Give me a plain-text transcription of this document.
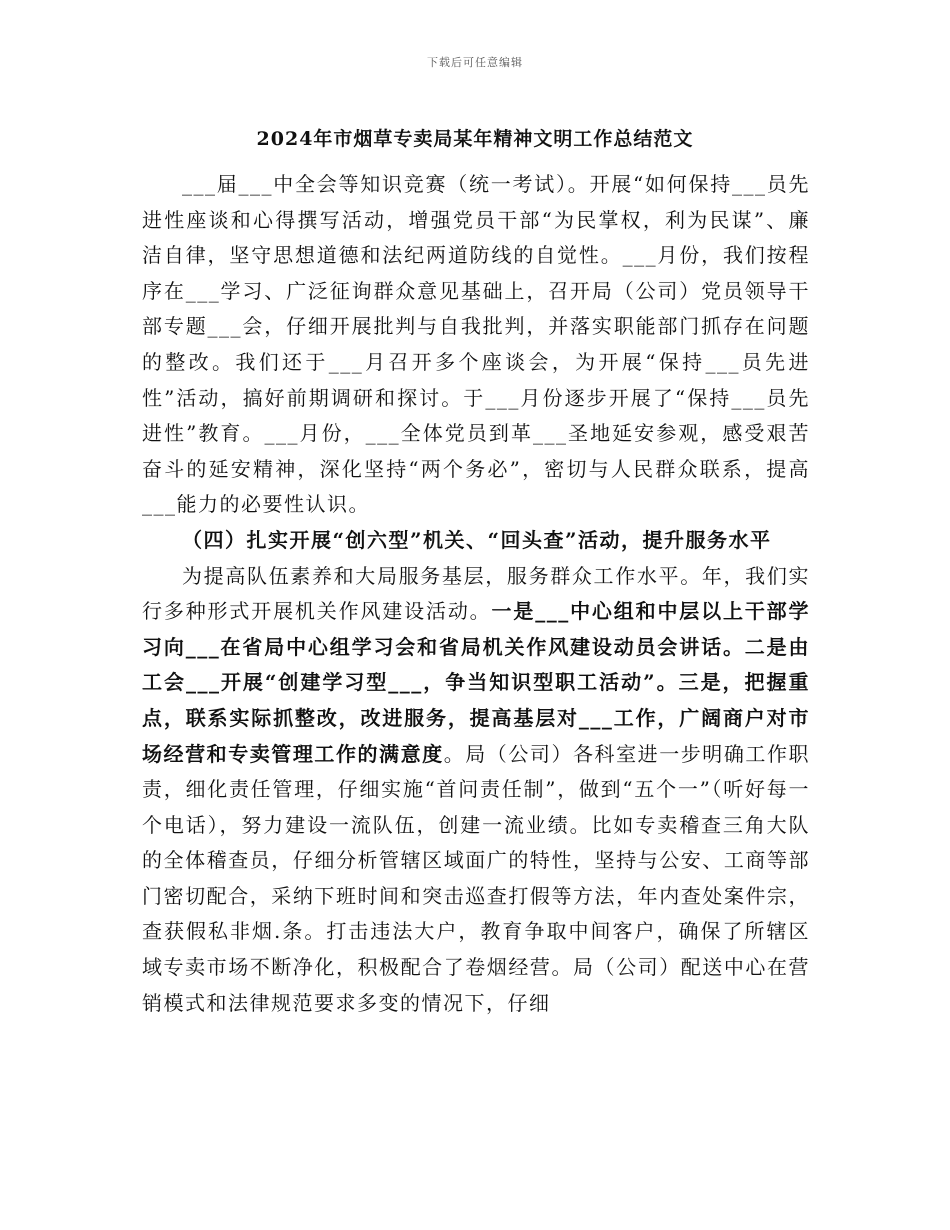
下载后可任意编辑
2024年市烟草专卖局某年精神文明工作总结范文

___届___中全会等知识竞赛（统一考试）。开展“如何保持___员先进性座谈和心得撰写活动，增强党员干部“为民掌权，利为民谋”、廉洁自律，坚守思想道德和法纪两道防线的自觉性。___月份，我们按程序在___学习、广泛征询群众意见基础上，召开局（公司）党员领导干部专题___会，仔细开展批判与自我批判，并落实职能部门抓存在问题的整改。我们还于___月召开多个座谈会，为开展“保持___员先进性”活动，搞好前期调研和探讨。于___月份逐步开展了“保持___员先进性”教育。___月份，___全体党员到革___圣地延安参观，感受艰苦奋斗的延安精神，深化坚持“两个务必”，密切与人民群众联系，提高___能力的必要性认识。

（四）扎实开展“创六型”机关、“回头查”活动，提升服务水平

为提高队伍素养和大局服务基层，服务群众工作水平。年，我们实行多种形式开展机关作风建设活动。一是___中心组和中层以上干部学习向___在省局中心组学习会和省局机关作风建设动员会讲话。二是由工会___开展“创建学习型___，争当知识型职工活动”。三是，把握重点，联系实际抓整改，改进服务，提高基层对___工作，广阔商户对市场经营和专卖管理工作的满意度。局（公司）各科室进一步明确工作职责，细化责任管理，仔细实施“首问责任制”，做到“五个一”（听好每一个电话），努力建设一流队伍，创建一流业绩。比如专卖稽查三角大队的全体稽查员，仔细分析管辖区域面广的特性，坚持与公安、工商等部门密切配合，采纳下班时间和突击巡查打假等方法，年内查处案件宗，查获假私非烟.条。打击违法大户，教育争取中间客户，确保了所辖区域专卖市场不断净化，积极配合了卷烟经营。局（公司）配送中心在营销模式和法律规范要求多变的情况下，仔细
